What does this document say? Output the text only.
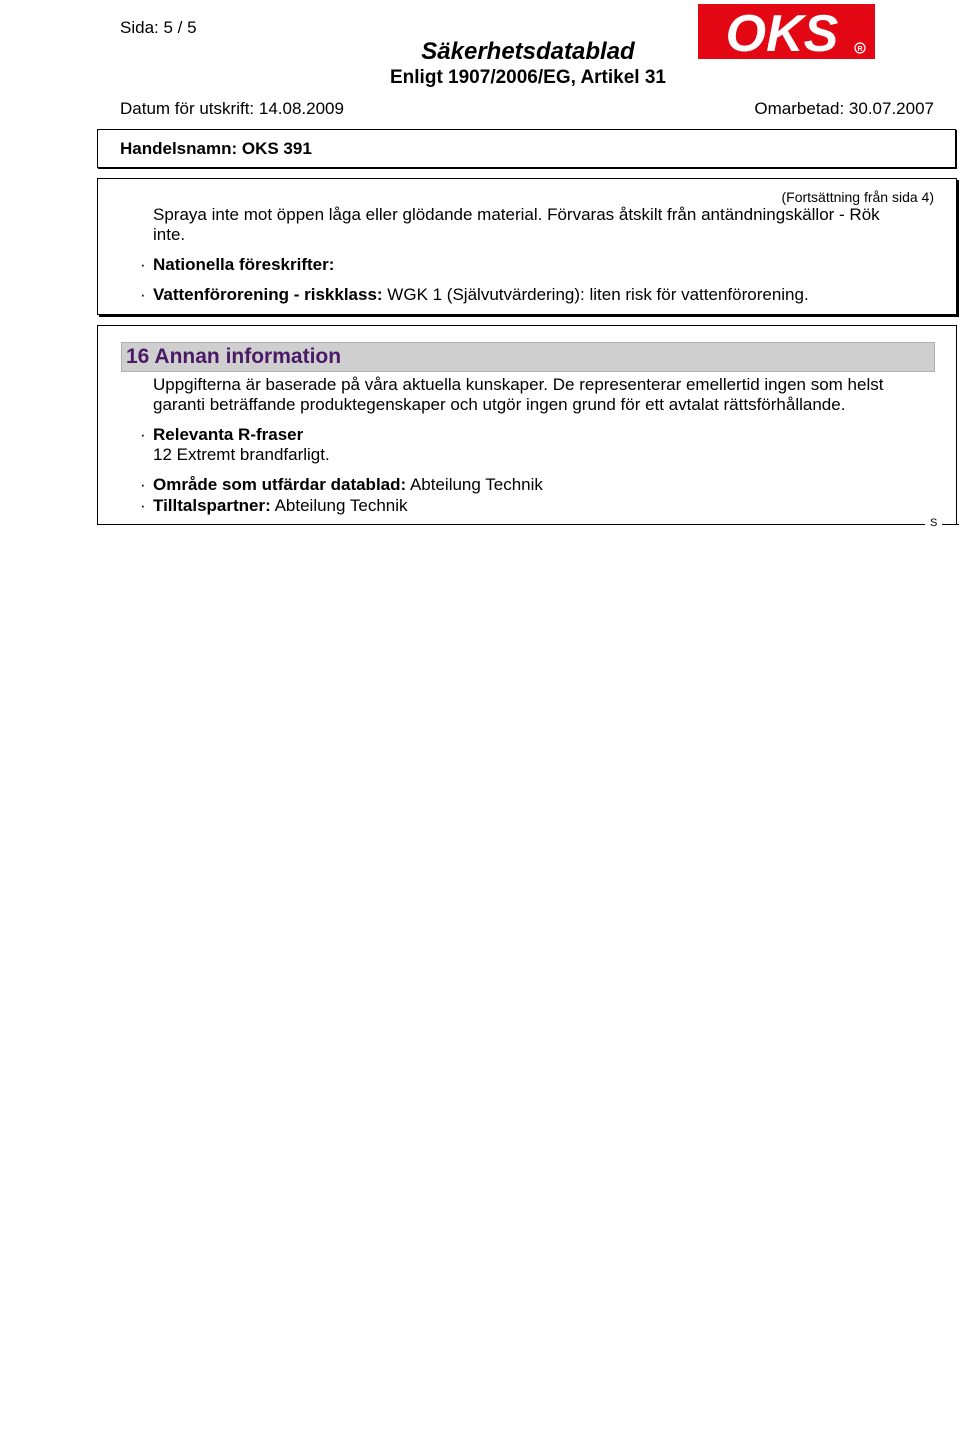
Sida: 5 / 5
Säkerhetsdatablad
Enligt 1907/2006/EG, Artikel 31
OKS	R
Datum för utskrift: 14.08.2009	Omarbetad: 30.07.2007
Handelsnamn: OKS 391
(Fortsättning från sida 4)
Spraya inte mot öppen låga eller glödande material. Förvaras åtskilt från antändningskällor - Rök
inte.
· Nationella föreskrifter:
· Vattenförorening - riskklass: WGK 1 (Självutvärdering): liten risk för vattenförorening.
16 Annan information
Uppgifterna är baserade på våra aktuella kunskaper. De representerar emellertid ingen som helst
garanti beträffande produktegenskaper och utgör ingen grund för ett avtalat rättsförhållande.
· Relevanta R-fraser
12 Extremt brandfarligt.
· Område som utfärdar datablad: Abteilung Technik
· Tilltalspartner: Abteilung Technik
S
